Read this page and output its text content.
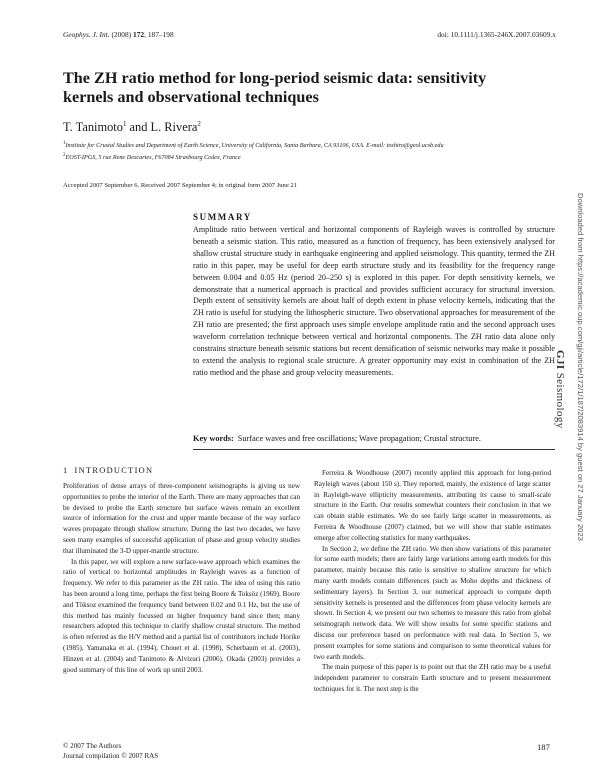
Geophys. J. Int. (2008) 172, 187–198	doi: 10.1111/j.1365-246X.2007.03609.x
The ZH ratio method for long-period seismic data: sensitivity kernels and observational techniques
T. Tanimoto$^1$ and L. Rivera$^2$
$^1$Institute for Crustal Studies and Department of Earth Science, University of California, Santa Barbara, CA 93106, USA. E-mail: toshiro@geol.ucsb.edu
$^2$EOST-IPGS, 5 rue Rene Descartes, F67084 Strasbourg Cedex, France
Accepted 2007 September 6. Received 2007 September 4; in original form 2007 June 21
SUMMARY
Amplitude ratio between vertical and horizontal components of Rayleigh waves is controlled by structure beneath a seismic station. This ratio, measured as a function of frequency, has been extensively analysed for shallow crustal structure study in earthquake engineering and applied seismology. This quantity, termed the ZH ratio in this paper, may be useful for deep earth structure study and its feasibility for the frequency range between 0.004 and 0.05 Hz (period 20–250 s) is explored in this paper. For depth sensitivity kernels, we demonstrate that a numerical approach is practical and provides sufficient accuracy for structural inversion. Depth extent of sensitivity kernels are about half of depth extent in phase velocity kernels, indicating that the ZH ratio is useful for studying the lithospheric structure. Two observational approaches for measurement of the ZH ratio are presented; the first approach uses simple envelope amplitude ratio and the second approach uses waveform correlation technique between vertical and horizontal components. The ZH ratio data alone only constrains structure beneath seismic stations but recent densification of seismic networks may make it possible to extend the analysis to regional scale structure. A greater opportunity may exist in combination of the ZH ratio method and the phase and group velocity measurements.
Key words: Surface waves and free oscillations; Wave propagation; Crustal structure.
1 INTRODUCTION

Proliferation of dense arrays of three-component seismographs is giving us new opportunities to probe the interior of the Earth. There are many approaches that can be devised to probe the Earth structure but surface waves remain an excellent source of information for the crust and upper mantle because of the way surface waves propagate through shallow structure. During the last two decades, we have seen many examples of successful application of phase and group velocity studies that illuminated the 3-D upper-mantle structure.

In this paper, we will explore a new surface-wave approach which examines the ratio of vertical to horizontal amplitudes in Rayleigh waves as a function of frequency. We refer to this parameter as the ZH ratio. The idea of using this ratio has been around a long time, perhaps the first being Boore & Toksöz (1969). Boore and Töksoz examined the frequency band between 0.02 and 0.1 Hz, but the use of this method has mainly focussed on higher frequency band since then; many researchers adopted this technique to clarify shallow crustal structure. The method is often referred as the H/V method and a partial list of contributors include Horike (1985), Yamanaka et al. (1994), Chouet et al. (1998), Scherbaum et al. (2003), Hinzen et al. (2004) and Tanimoto & Alvizuri (2006). Okada (2003) provides a good summary of this line of work up until 2003.

Ferreira & Woodhouse (2007) recently applied this approach for long-period Rayleigh waves (about 150 s). They reported, mainly, the existence of large scatter in Rayleigh-wave ellipticity measurements, attributing its cause to small-scale structure in the Earth. Our results somewhat counters their conclusion in that we can obtain stable estimates. We do see fairly large scatter in measurements, as Ferreira & Woodhouse (2007) claimed, but we will show that stable estimates emerge after collecting statistics for many earthquakes.

In Section 2, we define the ZH ratio. We then show variations of this parameter for some earth models; there are fairly large variations among earth models for this parameter, mainly because this ratio is sensitive to shallow structure for which many earth models contain differences (such as Moho depths and thickness of sedimentary layers). In Section 3, our numerical approach to compute depth sensitivity kernels is presented and the differences from phase velocity kernels are shown. In Section 4, we present our two schemes to measure this ratio from global seismograph network data. We will show results for some specific stations and discuss our preference based on performance with real data. In Section 5, we present examples for some stations and comparison to some theoretical values for two earth models.

The main purpose of this paper is to point out that the ZH ratio may be a useful independent parameter to constrain Earth structure and to present measurement techniques for it. The next step is the

© 2007 The Authors
Journal compilation © 2007 RAS
187
Downloaded from https://academic.oup.com/gji/article/172/1/187/2083914 by guest on 27 January 2023
GJI Seismology
